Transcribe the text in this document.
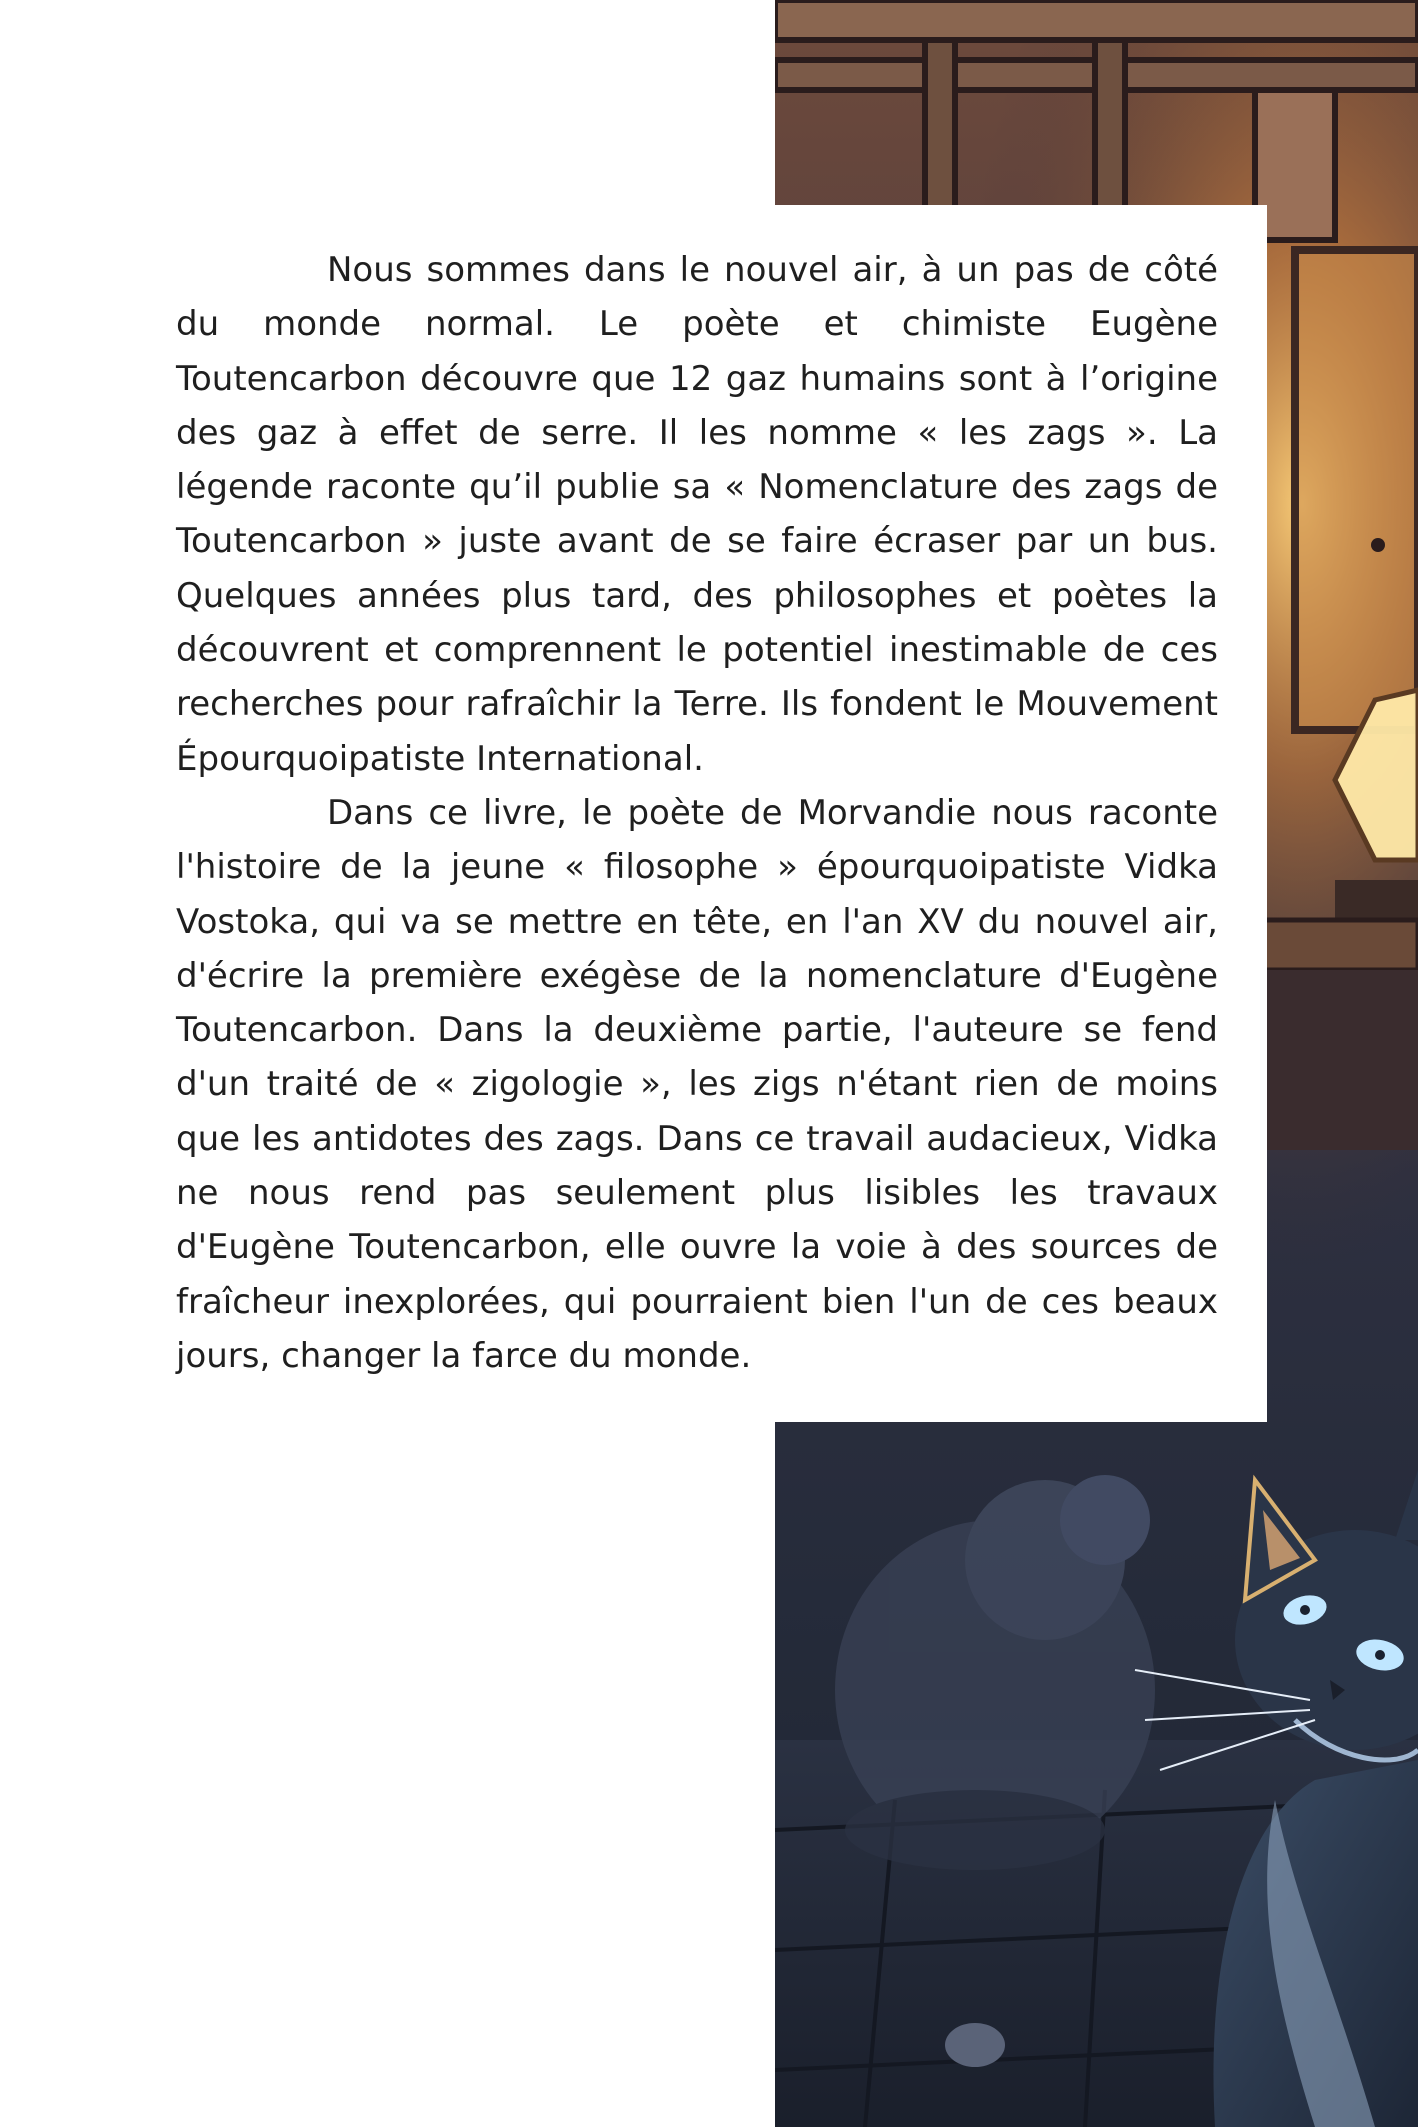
Nous sommes dans le nouvel air, à un pas de côté du monde normal. Le poète et chimiste Eugène Toutencarbon découvre que 12 gaz humains sont à l’origine des gaz à effet de serre. Il les nomme « les zags ». La légende raconte qu’il publie sa « Nomenclature des zags de Toutencarbon » juste avant de se faire écraser par un bus. Quelques années plus tard, des philosophes et poètes la découvrent et comprennent le potentiel inestimable de ces recherches pour rafraîchir la Terre. Ils fondent le Mouvement Épourquoipatiste International.

Dans ce livre, le poète de Morvandie nous raconte l'histoire de la jeune « filosophe » épourquoipatiste Vidka Vostoka, qui va se mettre en tête, en l'an XV du nouvel air, d'écrire la première exégèse de la nomenclature d'Eugène Toutencarbon. Dans la deuxième partie, l'auteure se fend d'un traité de « zigologie », les zigs n'étant rien de moins que les antidotes des zags. Dans ce travail audacieux, Vidka ne nous rend pas seulement plus lisibles les travaux d'Eugène Toutencarbon, elle ouvre la voie à des sources de fraîcheur inexplorées, qui pourraient bien l'un de ces beaux jours, changer la farce du monde.
